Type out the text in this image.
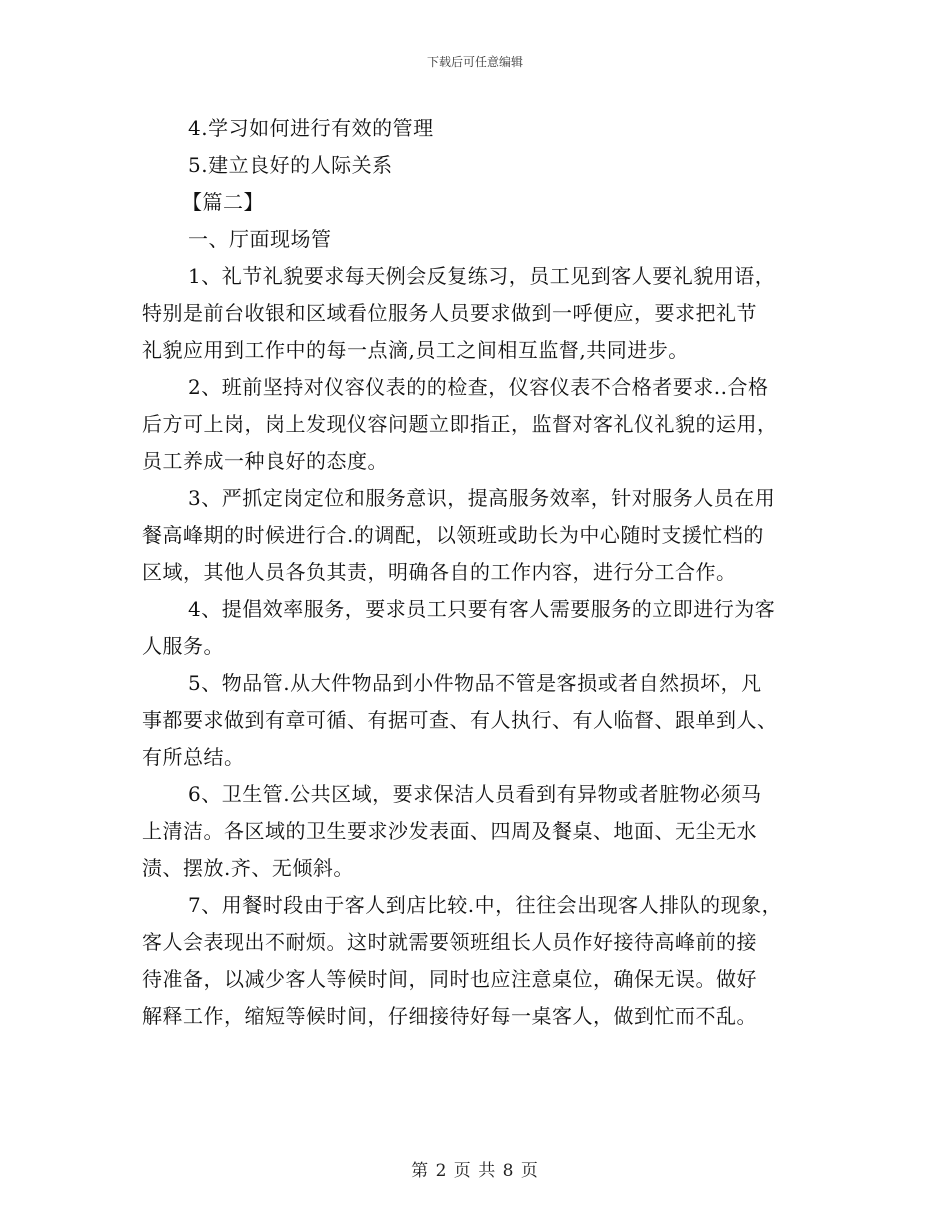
下载后可任意编辑
4.学习如何进行有效的管理
5.建立良好的人际关系
【篇二】
一、厅面现场管
1、礼节礼貌要求每天例会反复练习，员工见到客人要礼貌用语，
特别是前台收银和区域看位服务人员要求做到一呼便应，要求把礼节
礼貌应用到工作中的每一点滴,员工之间相互监督,共同进步。
2、班前坚持对仪容仪表的的检查，仪容仪表不合格者要求..合格
后方可上岗，岗上发现仪容问题立即指正，监督对客礼仪礼貌的运用，
员工养成一种良好的态度。
3、严抓定岗定位和服务意识，提高服务效率，针对服务人员在用
餐高峰期的时候进行合.的调配，以领班或助长为中心随时支援忙档的
区域，其他人员各负其责，明确各自的工作内容，进行分工合作。
4、提倡效率服务，要求员工只要有客人需要服务的立即进行为客
人服务。
5、物品管.从大件物品到小件物品不管是客损或者自然损坏，凡
事都要求做到有章可循、有据可查、有人执行、有人临督、跟单到人、
有所总结。
6、卫生管.公共区域，要求保洁人员看到有异物或者脏物必须马
上清洁。各区域的卫生要求沙发表面、四周及餐桌、地面、无尘无水
渍、摆放.齐、无倾斜。
7、用餐时段由于客人到店比较.中，往往会出现客人排队的现象，
客人会表现出不耐烦。这时就需要领班组长人员作好接待高峰前的接
待准备，以减少客人等候时间，同时也应注意桌位，确保无误。做好
解释工作，缩短等候时间，仔细接待好每一桌客人，做到忙而不乱。
第 2 页 共 8 页
